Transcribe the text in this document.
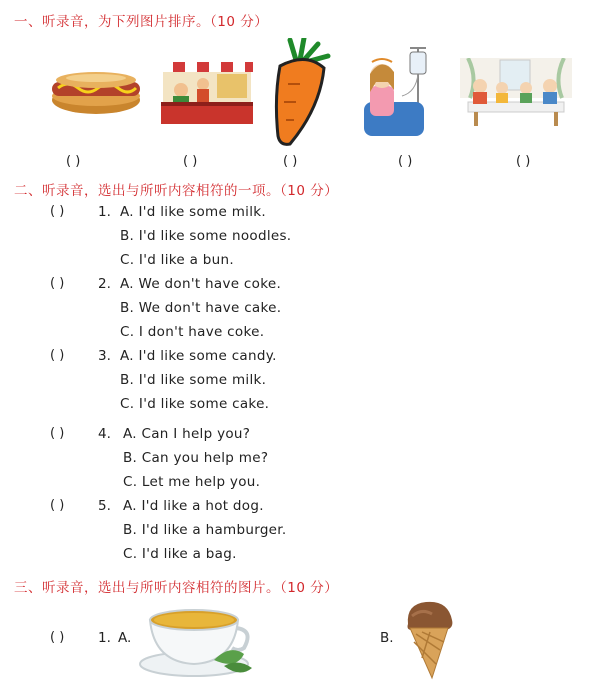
一、听录音，为下列图片排序。（10 分）
( )	( )	( )	( )	( )
二、听录音，选出与所听内容相符的一项。（10 分）
( ) 1. A. I'd like some milk.
B. I'd like some noodles.
C. I'd like a bun.
( ) 2. A. We don't have coke.
B. We don't have cake.
C. I don't have coke.
( ) 3. A. I'd like some candy.
B. I'd like some milk.
C. I'd like some cake.
( ) 4. A. Can I help you?
B. Can you help me?
C. Let me help you.
( ) 5. A. I'd like a hot dog.
B. I'd like a hamburger.
C. I'd like a bag.
三、听录音，选出与所听内容相符的图片。（10 分）
( ) 1. A.	B.
